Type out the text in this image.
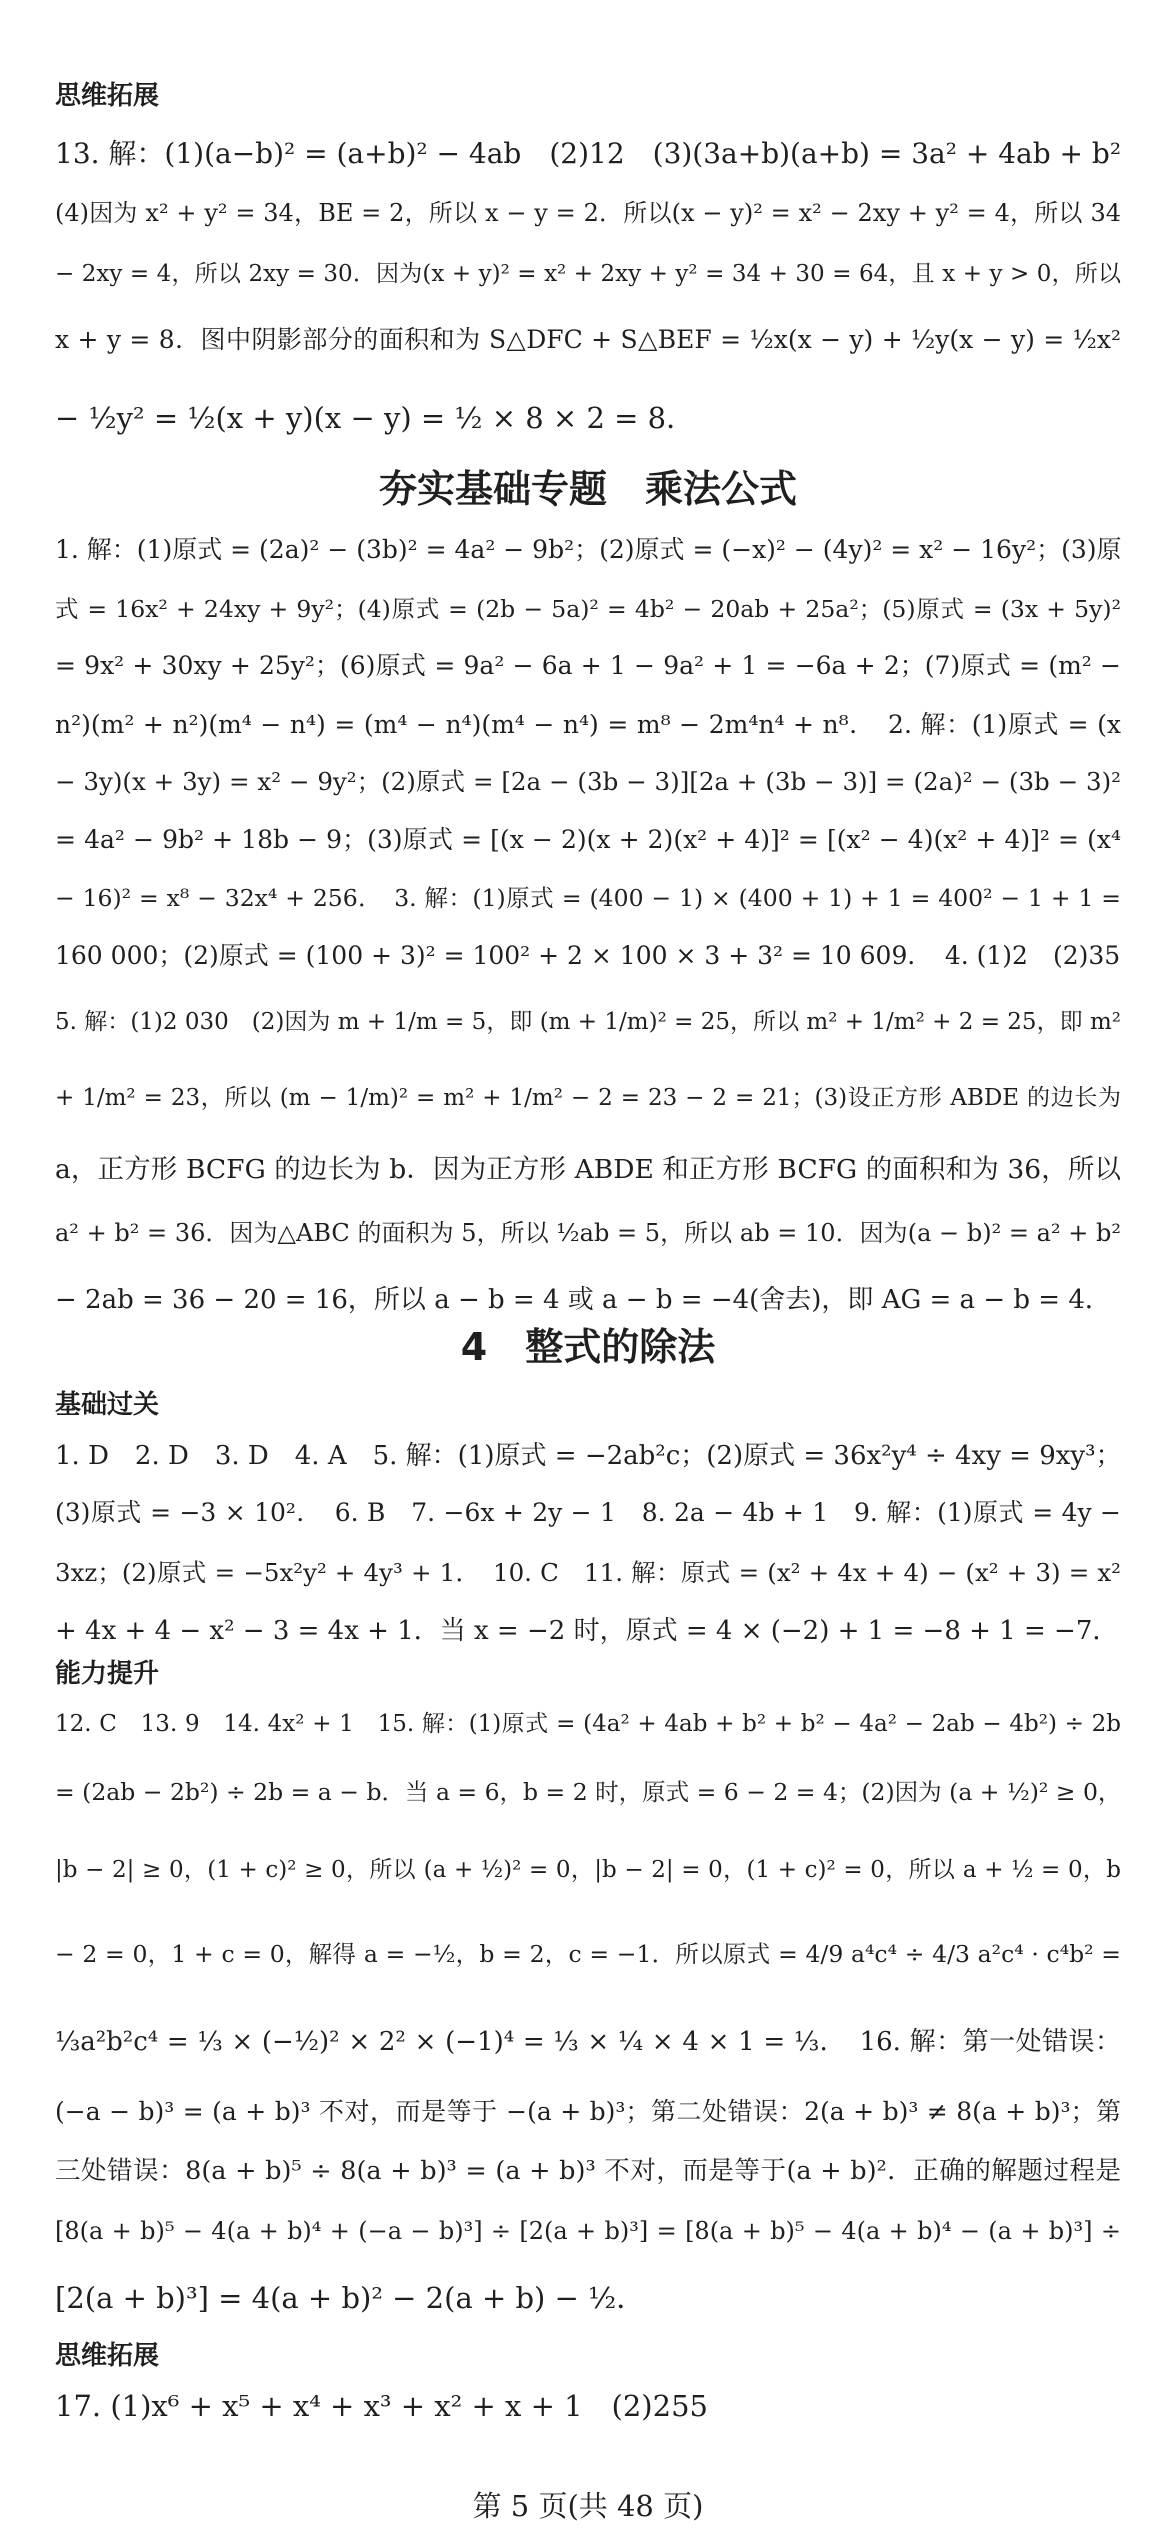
思维拓展
13. 解：(1)(a−b)² = (a+b)² − 4ab　(2)12　(3)(3a+b)(a+b) = 3a² + 4ab + b²
(4)因为 x² + y² = 34，BE = 2，所以 x − y = 2．所以(x − y)² = x² − 2xy + y² = 4，所以 34
− 2xy = 4，所以 2xy = 30．因为(x + y)² = x² + 2xy + y² = 34 + 30 = 64，且 x + y > 0，所以
x + y = 8．图中阴影部分的面积和为 S△DFC + S△BEF = ½x(x − y) + ½y(x − y) = ½x²
− ½y² = ½(x + y)(x − y) = ½ × 8 × 2 = 8．
夯实基础专题　乘法公式
1. 解：(1)原式 = (2a)² − (3b)² = 4a² − 9b²；(2)原式 = (−x)² − (4y)² = x² − 16y²；(3)原
式 = 16x² + 24xy + 9y²；(4)原式 = (2b − 5a)² = 4b² − 20ab + 25a²；(5)原式 = (3x + 5y)²
= 9x² + 30xy + 25y²；(6)原式 = 9a² − 6a + 1 − 9a² + 1 = −6a + 2；(7)原式 = (m² −
n²)(m² + n²)(m⁴ − n⁴) = (m⁴ − n⁴)(m⁴ − n⁴) = m⁸ − 2m⁴n⁴ + n⁸．　2. 解：(1)原式 = (x
− 3y)(x + 3y) = x² − 9y²；(2)原式 = [2a − (3b − 3)][2a + (3b − 3)] = (2a)² − (3b − 3)²
= 4a² − 9b² + 18b − 9；(3)原式 = [(x − 2)(x + 2)(x² + 4)]² = [(x² − 4)(x² + 4)]² = (x⁴
− 16)² = x⁸ − 32x⁴ + 256．　3. 解：(1)原式 = (400 − 1) × (400 + 1) + 1 = 400² − 1 + 1 =
160 000；(2)原式 = (100 + 3)² = 100² + 2 × 100 × 3 + 3² = 10 609．　4. (1)2　(2)35
5. 解：(1)2 030　(2)因为 m + 1/m = 5，即 (m + 1/m)² = 25，所以 m² + 1/m² + 2 = 25，即 m²
+ 1/m² = 23，所以 (m − 1/m)² = m² + 1/m² − 2 = 23 − 2 = 21；(3)设正方形 ABDE 的边长为
a，正方形 BCFG 的边长为 b．因为正方形 ABDE 和正方形 BCFG 的面积和为 36，所以
a² + b² = 36．因为△ABC 的面积为 5，所以 ½ab = 5，所以 ab = 10．因为(a − b)² = a² + b²
− 2ab = 36 − 20 = 16，所以 a − b = 4 或 a − b = −4(舍去)，即 AG = a − b = 4．
4　整式的除法
基础过关
1. D　2. D　3. D　4. A　5. 解：(1)原式 = −2ab²c；(2)原式 = 36x²y⁴ ÷ 4xy = 9xy³；
(3)原式 = −3 × 10²．　6. B　7. −6x + 2y − 1　8. 2a − 4b + 1　9. 解：(1)原式 = 4y −
3xz；(2)原式 = −5x²y² + 4y³ + 1．　10. C　11. 解：原式 = (x² + 4x + 4) − (x² + 3) = x²
+ 4x + 4 − x² − 3 = 4x + 1．当 x = −2 时，原式 = 4 × (−2) + 1 = −8 + 1 = −7．
能力提升
12. C　13. 9　14. 4x² + 1　15. 解：(1)原式 = (4a² + 4ab + b² + b² − 4a² − 2ab − 4b²) ÷ 2b
= (2ab − 2b²) ÷ 2b = a − b．当 a = 6，b = 2 时，原式 = 6 − 2 = 4；(2)因为 (a + ½)² ≥ 0，
|b − 2| ≥ 0，(1 + c)² ≥ 0，所以 (a + ½)² = 0，|b − 2| = 0，(1 + c)² = 0，所以 a + ½ = 0，b
− 2 = 0，1 + c = 0，解得 a = −½，b = 2，c = −1．所以原式 = 4/9 a⁴c⁴ ÷ 4/3 a²c⁴ · c⁴b² =
⅓a²b²c⁴ = ⅓ × (−½)² × 2² × (−1)⁴ = ⅓ × ¼ × 4 × 1 = ⅓．　16. 解：第一处错误：
(−a − b)³ = (a + b)³ 不对，而是等于 −(a + b)³；第二处错误：2(a + b)³ ≠ 8(a + b)³；第
三处错误：8(a + b)⁵ ÷ 8(a + b)³ = (a + b)³ 不对，而是等于(a + b)²．正确的解题过程是
[8(a + b)⁵ − 4(a + b)⁴ + (−a − b)³] ÷ [2(a + b)³] = [8(a + b)⁵ − 4(a + b)⁴ − (a + b)³] ÷
[2(a + b)³] = 4(a + b)² − 2(a + b) − ½．
思维拓展
17. (1)x⁶ + x⁵ + x⁴ + x³ + x² + x + 1　(2)255
第 5 页(共 48 页)
